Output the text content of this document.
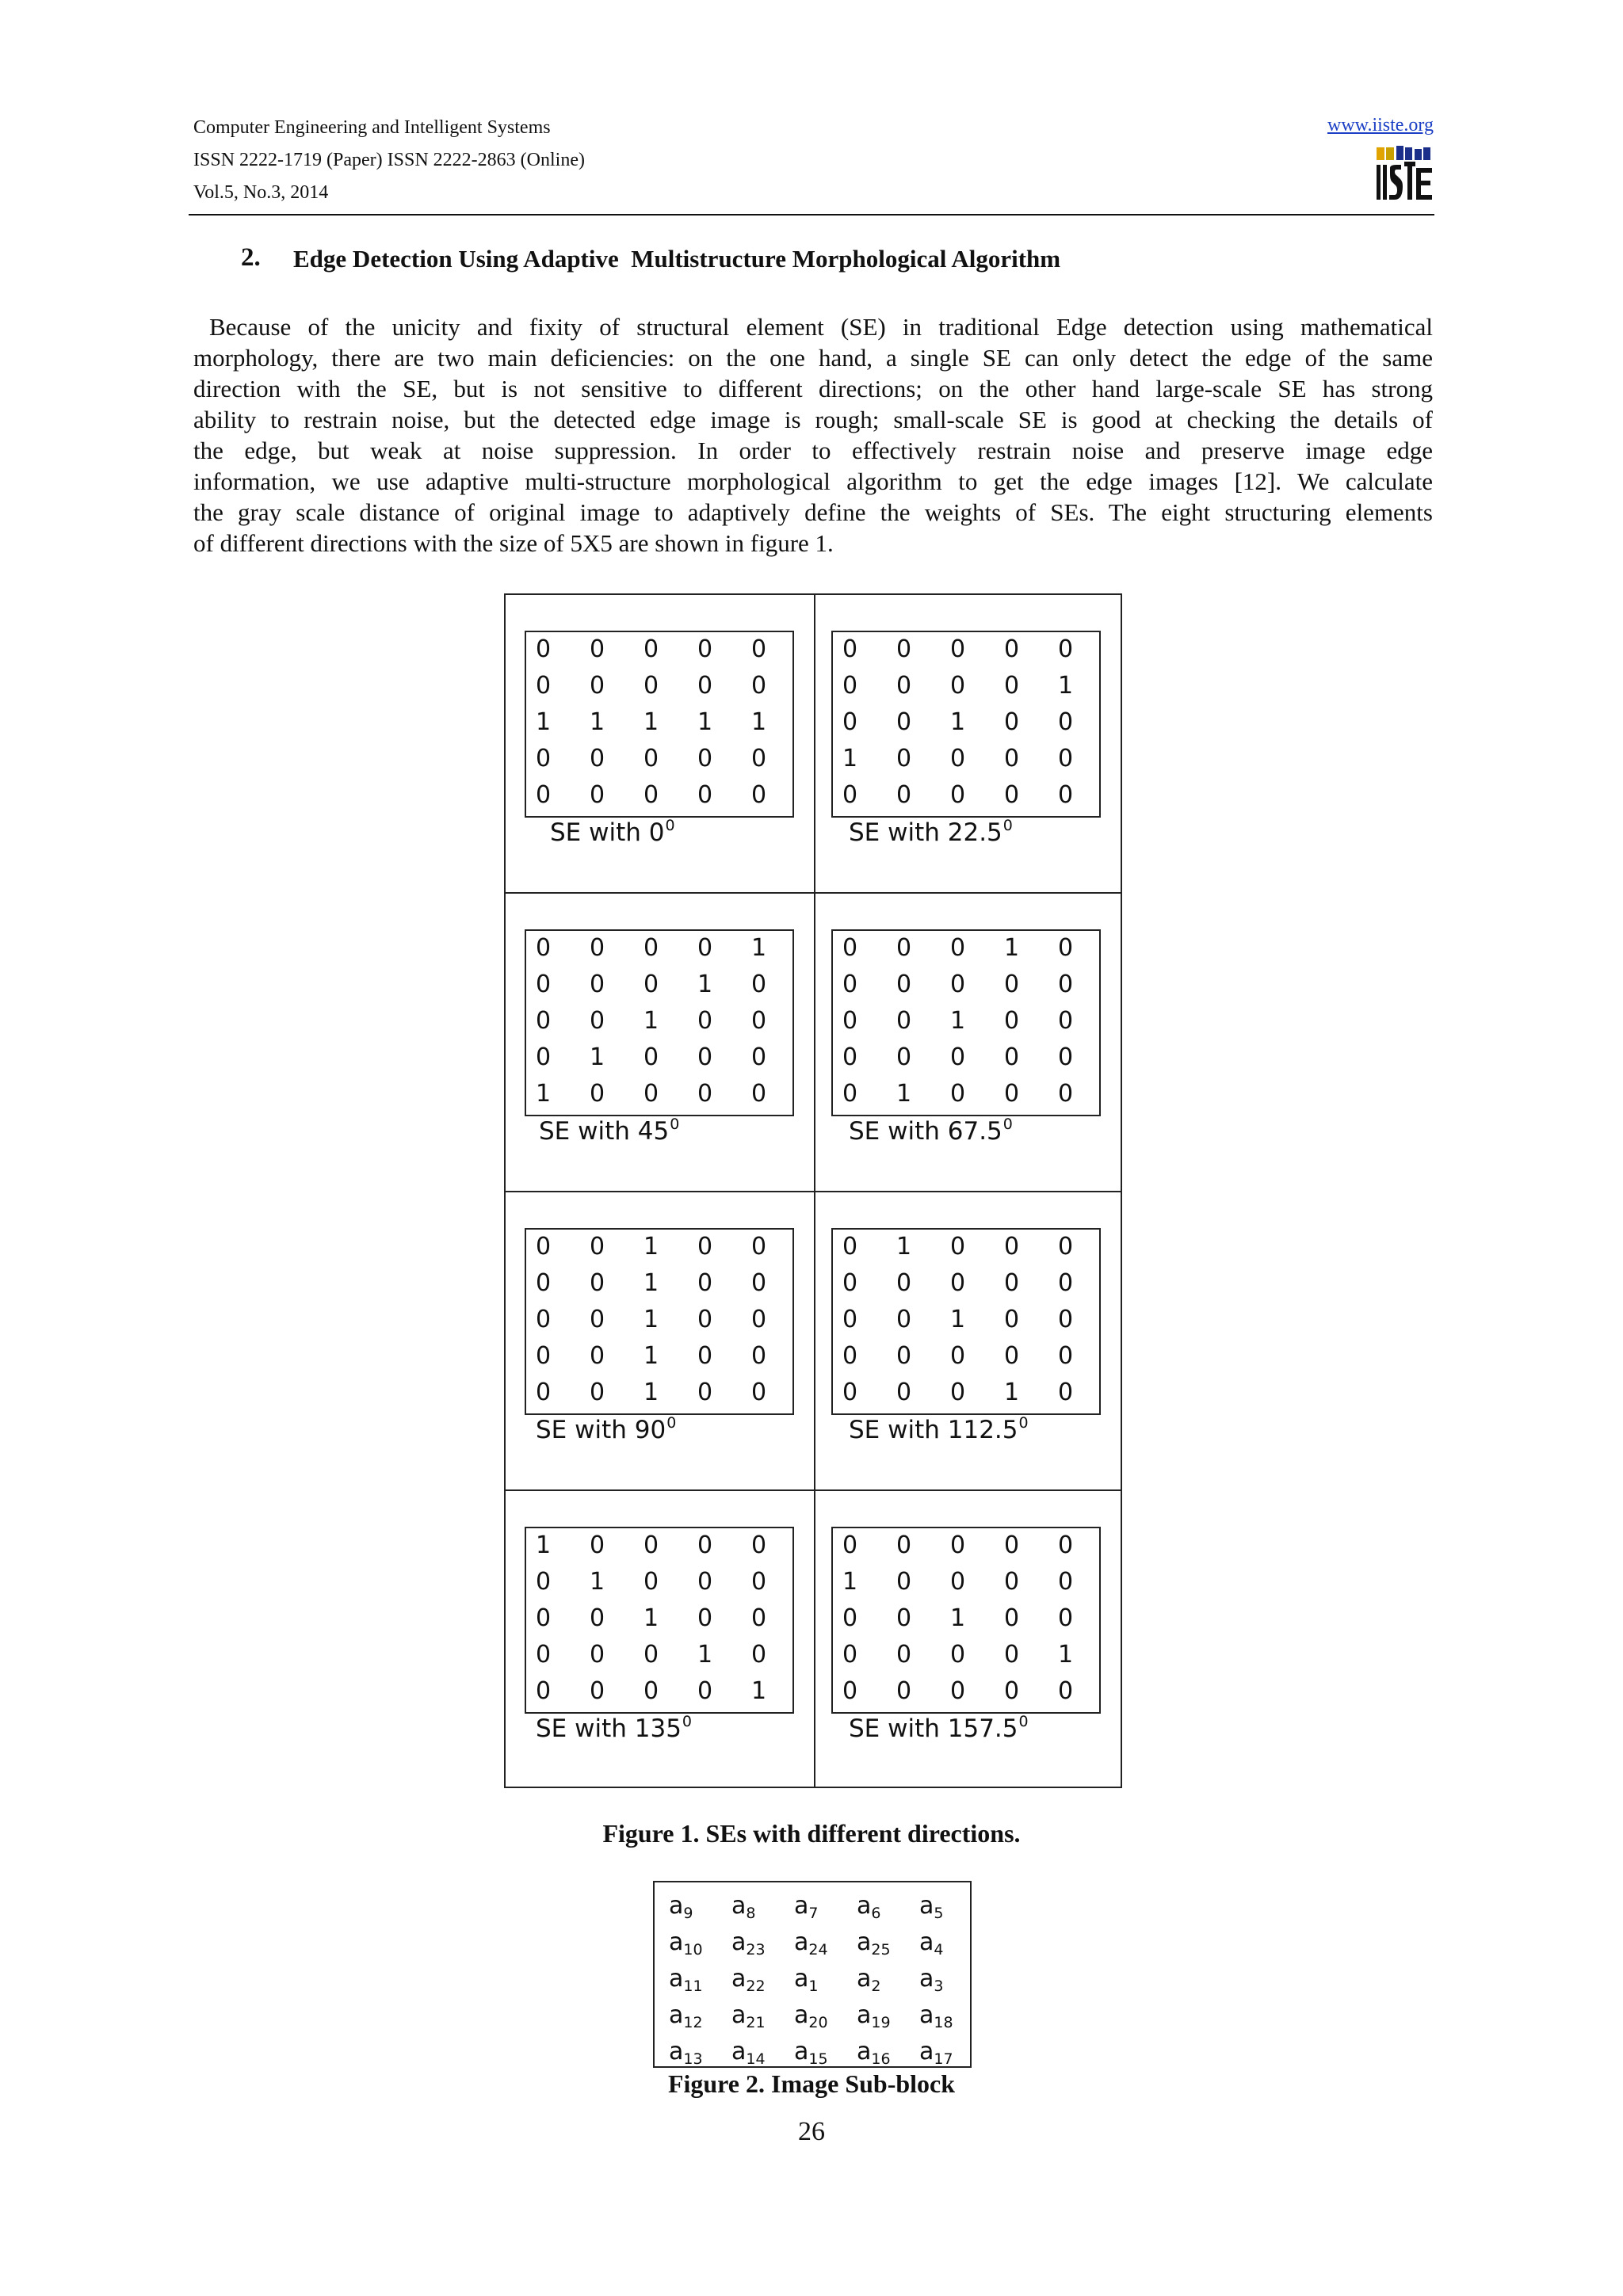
Computer Engineering and Intelligent Systems
ISSN 2222-1719 (Paper) ISSN 2222-2863 (Online)
Vol.5, No.3, 2014
www.iiste.org
2. Edge Detection Using Adaptive  Multistructure Morphological Algorithm
Because of the unicity and fixity of structural element (SE) in traditional Edge detection using mathematical
morphology, there are two main deficiencies: on the one hand, a single SE can only detect the edge of the same
direction with the SE, but is not sensitive to different directions; on the other hand large-scale SE has strong
ability to restrain noise, but the detected edge image is rough; small-scale SE is good at checking the details of
the edge, but weak at noise suppression. In order to effectively restrain noise and preserve image edge
information, we use adaptive multi-structure morphological algorithm to get the edge images [12]. We calculate
the gray scale distance of original image to adaptively define the weights of SEs. The eight structuring elements
of different directions with the size of 5X5 are shown in figure 1.
0	0	0	0	0
0	0	0	0	0
1	1	1	1	1
0	0	0	0	0
0	0	0	0	0
SE with $0^0$
0	0	0	0	0
0	0	0	0	1
0	0	1	0	0
1	0	0	0	0
0	0	0	0	0
SE with 22.5$^0$
0	0	0	0	1
0	0	0	1	0
0	0	1	0	0
0	1	0	0	0
1	0	0	0	0
SE with $45^0$
0	0	0	1	0
0	0	0	0	0
0	0	1	0	0
0	0	0	0	0
0	1	0	0	0
SE with 67.5$^0$
0	0	1	0	0
0	0	1	0	0
0	0	1	0	0
0	0	1	0	0
0	0	1	0	0
SE with $90^0$
0	1	0	0	0
0	0	0	0	0
0	0	1	0	0
0	0	0	0	0
0	0	0	1	0
SE with 112.5$^0$
1	0	0	0	0
0	1	0	0	0
0	0	1	0	0
0	0	0	1	0
0	0	0	0	1
SE with $135^0$
0	0	0	0	0
1	0	0	0	0
0	0	1	0	0
0	0	0	0	1
0	0	0	0	0
SE with 157.5$^0$
Figure 1. SEs with different directions.
$a_9$	$a_8$	$a_7$	$a_6$	$a_5$
$a_{10}$	$a_{23}$	$a_{24}$	$a_{25}$	$a_4$
$a_{11}$	$a_{22}$	$a_1$	$a_2$	$a_3$
$a_{12}$	$a_{21}$	$a_{20}$	$a_{19}$	$a_{18}$
$a_{13}$	$a_{14}$	$a_{15}$	$a_{16}$	$a_{17}$
Figure 2. Image Sub-block
26
